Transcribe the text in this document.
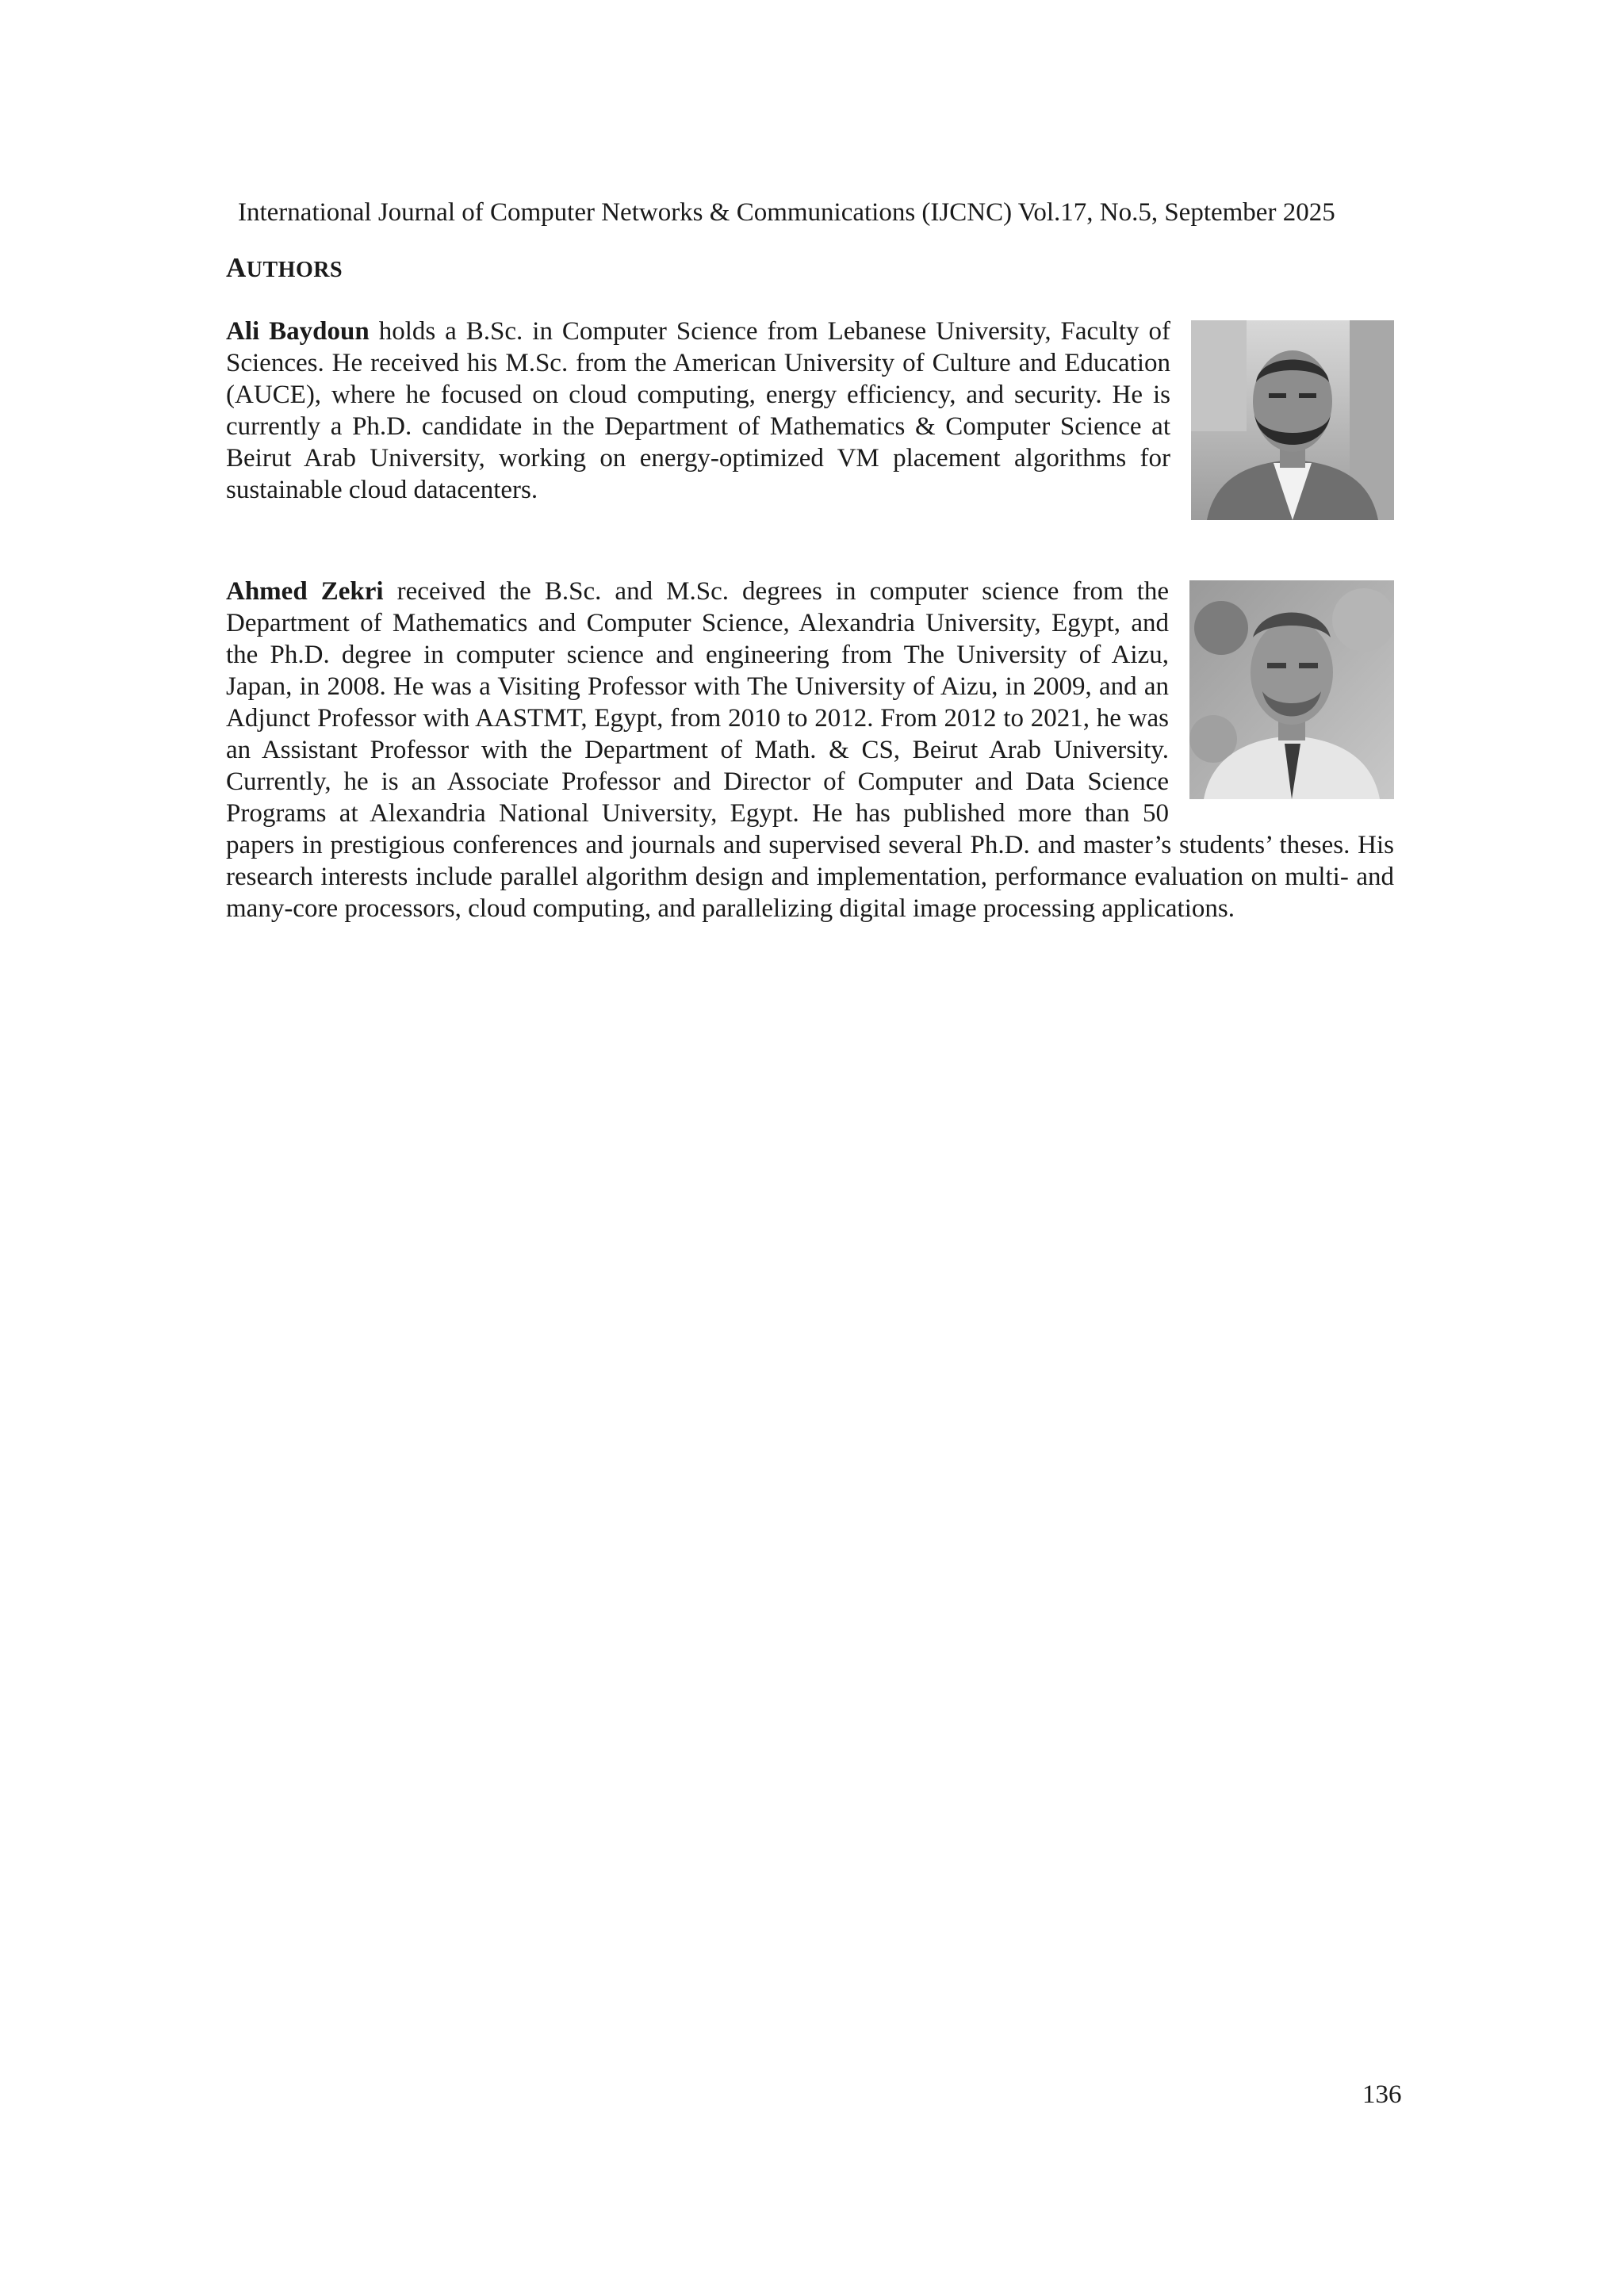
International Journal of Computer Networks & Communications (IJCNC) Vol.17, No.5, September 2025
AUTHORS

Ali Baydoun holds a B.Sc. in Computer Science from Lebanese University, Faculty of Sciences. He received his M.Sc. from the American University of Culture and Education (AUCE), where he focused on cloud computing, energy efficiency, and security. He is currently a Ph.D. candidate in the Department of Mathematics & Computer Science at Beirut Arab University, working on energy-optimized VM placement algorithms for sustainable cloud datacenters.

Ahmed Zekri received the B.Sc. and M.Sc. degrees in computer science from the Department of Mathematics and Computer Science, Alexandria University, Egypt, and the Ph.D. degree in computer science and engineering from The University of Aizu, Japan, in 2008. He was a Visiting Professor with The University of Aizu, in 2009, and an Adjunct Professor with AASTMT, Egypt, from 2010 to 2012. From 2012 to 2021, he was an Assistant Professor with the Department of Math. & CS, Beirut Arab University. Currently, he is an Associate Professor and Director of Computer and Data Science Programs at Alexandria National University, Egypt. He has published more than 50 papers in prestigious conferences and journals and supervised several Ph.D. and master’s students’ theses. His research interests include parallel algorithm design and implementation, performance evaluation on multi- and many-core processors, cloud computing, and parallelizing digital image processing applications.

136
